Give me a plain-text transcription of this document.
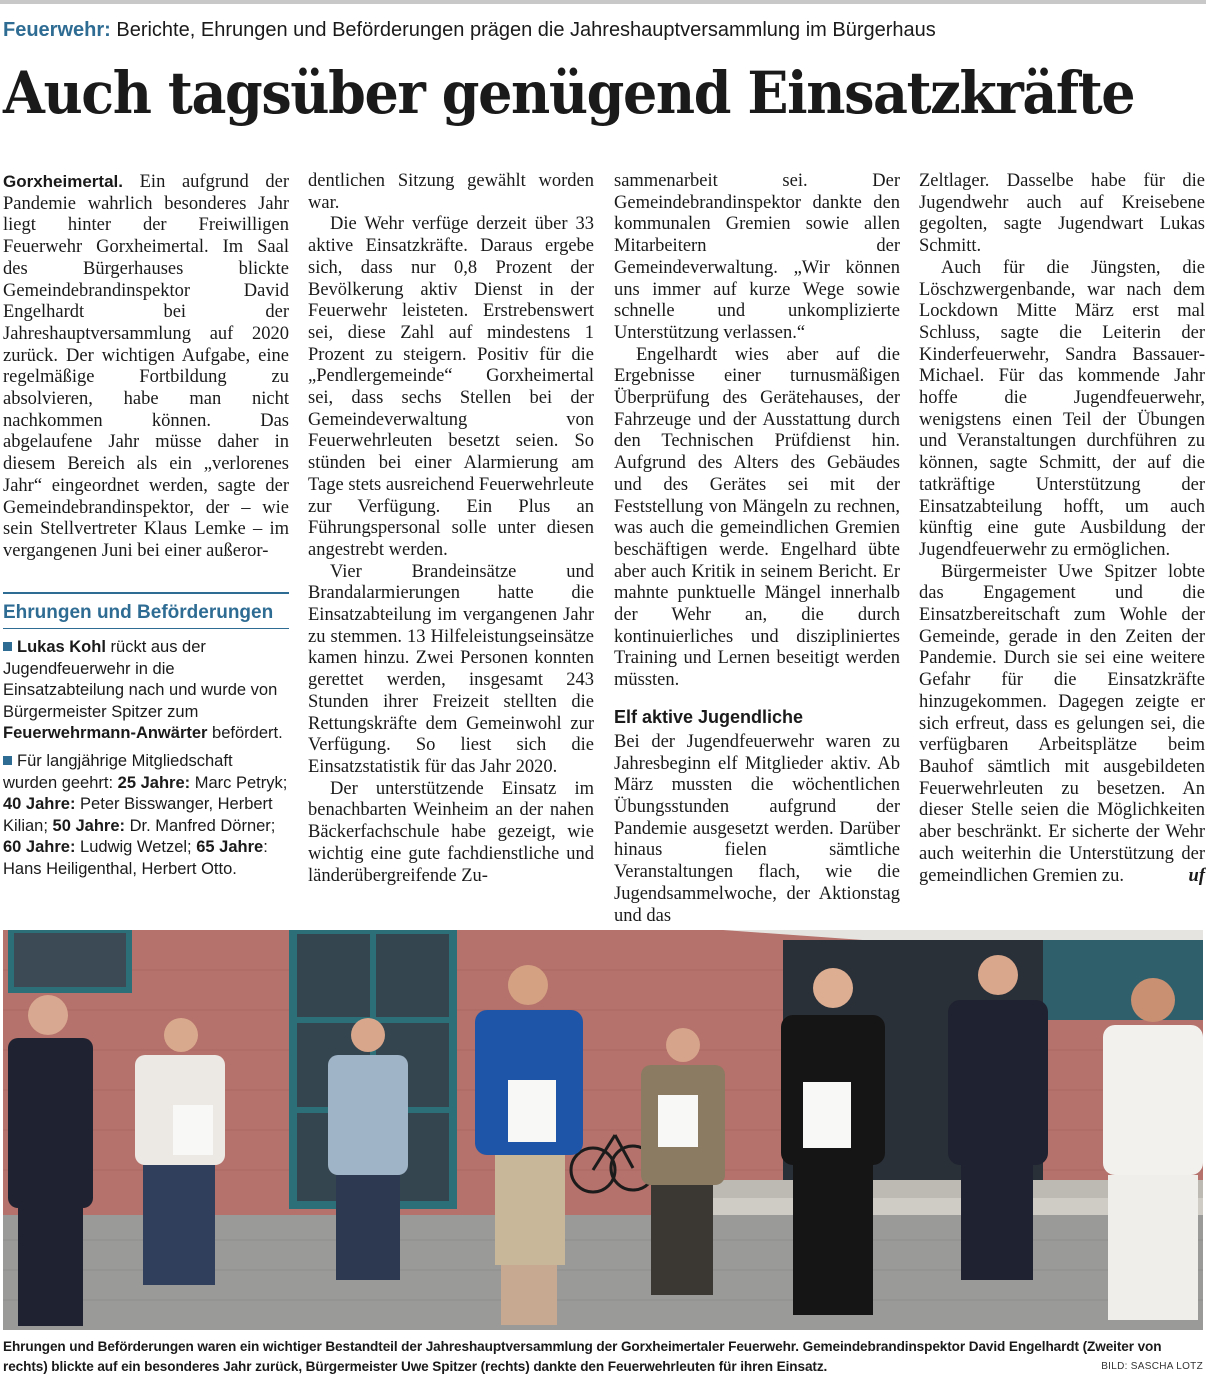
Feuerwehr: Berichte, Ehrungen und Beförderungen prägen die Jahreshauptversammlung im Bürgerhaus
Auch tagsüber genügend Einsatzkräfte

Gorxheimertal. Ein aufgrund der Pandemie wahrlich besonderes Jahr liegt hinter der Freiwilligen Feuerwehr Gorxheimertal. Im Saal des Bürgerhauses blickte Gemeindebrandinspektor David Engelhardt bei der Jahreshauptversammlung auf 2020 zurück. Der wichtigen Aufgabe, eine regelmäßige Fortbildung zu absolvieren, habe man nicht nachkommen können. Das abgelaufene Jahr müsse daher in diesem Bereich als ein „verlorenes Jahr“ eingeordnet werden, sagte der Gemeindebrandinspektor, der – wie sein Stellvertreter Klaus Lemke – im vergangenen Juni bei einer außeror-

Ehrungen und Beförderungen

Lukas Kohl rückt aus der Jugendfeuerwehr in die Einsatzabteilung nach und wurde von Bürgermeister Spitzer zum Feuerwehrmann-Anwärter befördert.

Für langjährige Mitgliedschaft wurden geehrt: 25 Jahre: Marc Petryk; 40 Jahre: Peter Bisswanger, Herbert Kilian; 50 Jahre: Dr. Manfred Dörner; 60 Jahre: Ludwig Wetzel; 65 Jahre: Hans Heiligenthal, Herbert Otto.

dentlichen Sitzung gewählt worden war.

Die Wehr verfüge derzeit über 33 aktive Einsatzkräfte. Daraus ergebe sich, dass nur 0,8 Prozent der Bevölkerung aktiv Dienst in der Feuerwehr leisteten. Erstrebenswert sei, diese Zahl auf mindestens 1 Prozent zu steigern. Positiv für die „Pendlergemeinde“ Gorxheimertal sei, dass sechs Stellen bei der Gemeindeverwaltung von Feuerwehrleuten besetzt seien. So stünden bei einer Alarmierung am Tage stets ausreichend Feuerwehrleute zur Verfügung. Ein Plus an Führungspersonal solle unter diesen angestrebt werden.

Vier Brandeinsätze und Brandalarmierungen hatte die Einsatzabteilung im vergangenen Jahr zu stemmen. 13 Hilfeleistungseinsätze kamen hinzu. Zwei Personen konnten gerettet werden, insgesamt 243 Stunden ihrer Freizeit stellten die Rettungskräfte dem Gemeinwohl zur Verfügung. So liest sich die Einsatzstatistik für das Jahr 2020.

Der unterstützende Einsatz im benachbarten Weinheim an der nahen Bäckerfachschule habe gezeigt, wie wichtig eine gute fachdienstliche und länderübergreifende Zu-

sammenarbeit sei. Der Gemeindebrandinspektor dankte den kommunalen Gremien sowie allen Mitarbeitern der Gemeindeverwaltung. „Wir können uns immer auf kurze Wege sowie schnelle und unkomplizierte Unterstützung verlassen.“

Engelhardt wies aber auf die Ergebnisse einer turnusmäßigen Überprüfung des Gerätehauses, der Fahrzeuge und der Ausstattung durch den Technischen Prüfdienst hin. Aufgrund des Alters des Gebäudes und des Gerätes sei mit der Feststellung von Mängeln zu rechnen, was auch die gemeindlichen Gremien beschäftigen werde. Engelhard übte aber auch Kritik in seinem Bericht. Er mahnte punktuelle Mängel innerhalb der Wehr an, die durch kontinuierliches und diszipliniertes Training und Lernen beseitigt werden müssten.

Elf aktive Jugendliche

Bei der Jugendfeuerwehr waren zu Jahresbeginn elf Mitglieder aktiv. Ab März mussten die wöchentlichen Übungsstunden aufgrund der Pandemie ausgesetzt werden. Darüber hinaus fielen sämtliche Veranstaltungen flach, wie die Jugendsammelwoche, der Aktionstag und das

Zeltlager. Dasselbe habe für die Jugendwehr auch auf Kreisebene gegolten, sagte Jugendwart Lukas Schmitt.

Auch für die Jüngsten, die Löschzwergenbande, war nach dem Lockdown Mitte März erst mal Schluss, sagte die Leiterin der Kinderfeuerwehr, Sandra Bassauer-Michael. Für das kommende Jahr hoffe die Jugendfeuerwehr, wenigstens einen Teil der Übungen und Veranstaltungen durchführen zu können, sagte Schmitt, der auf die tatkräftige Unterstützung der Einsatzabteilung hofft, um auch künftig eine gute Ausbildung der Jugendfeuerwehr zu ermöglichen.

Bürgermeister Uwe Spitzer lobte das Engagement und die Einsatzbereitschaft zum Wohle der Gemeinde, gerade in den Zeiten der Pandemie. Durch sie sei eine weitere Gefahr für die Einsatzkräfte hinzugekommen. Dagegen zeigte er sich erfreut, dass es gelungen sei, die verfügbaren Arbeitsplätze beim Bauhof sämtlich mit ausgebildeten Feuerwehrleuten zu besetzen. An dieser Stelle seien die Möglichkeiten aber beschränkt. Er sicherte der Wehr auch weiterhin die Unterstützung der gemeindlichen Gremien zu.	uf

Ehrungen und Beförderungen waren ein wichtiger Bestandteil der Jahreshauptversammlung der Gorxheimertaler Feuerwehr. Gemeindebrandinspektor David Engelhardt (Zweiter von rechts) blickte auf ein besonderes Jahr zurück, Bürgermeister Uwe Spitzer (rechts) dankte den Feuerwehrleuten für ihren Einsatz.	BILD: SASCHA LOTZ
